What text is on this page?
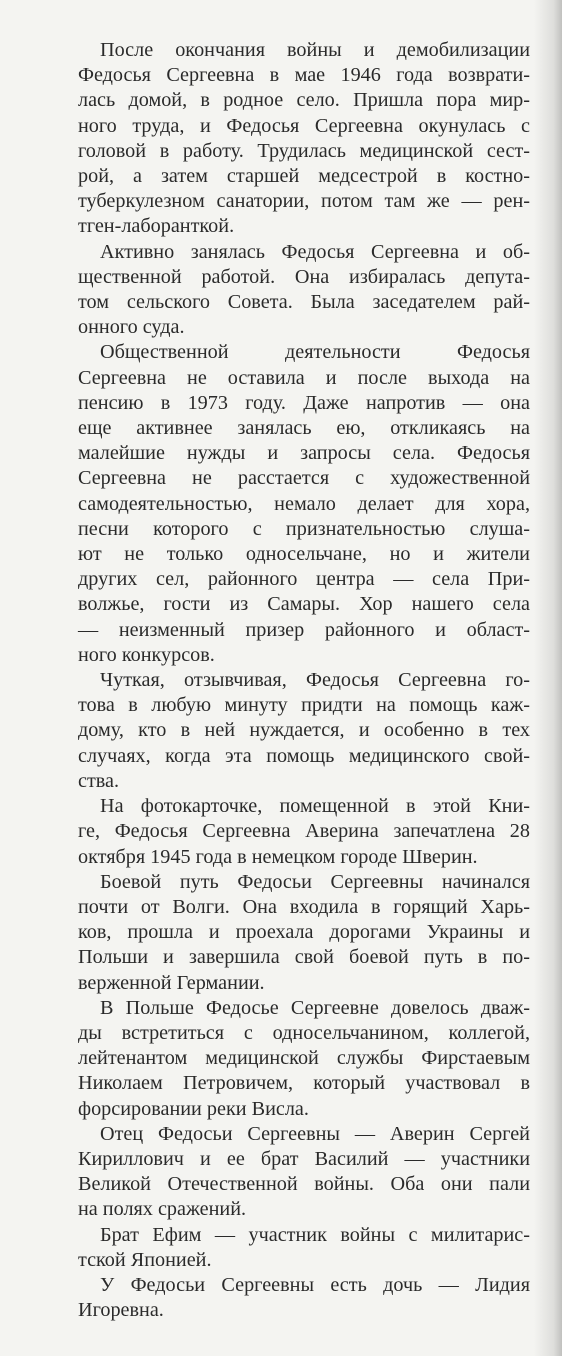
После окончания войны и демобилизации
Федосья Сергеевна в мае 1946 года возврати-
лась домой, в родное село. Пришла пора мир-
ного труда, и Федосья Сергеевна окунулась с
головой в работу. Трудилась медицинской сест-
рой, а затем старшей медсестрой в костно-
туберкулезном санатории, потом там же — рен-
тген-лаборанткой.
Активно занялась Федосья Сергеевна и об-
щественной работой. Она избиралась депута-
том сельского Совета. Была заседателем рай-
онного суда.
Общественной деятельности Федосья
Сергеевна не оставила и после выхода на
пенсию в 1973 году. Даже напротив — она
еще активнее занялась ею, откликаясь на
малейшие нужды и запросы села. Федосья
Сергеевна не расстается с художественной
самодеятельностью, немало делает для хора,
песни которого с признательностью слуша-
ют не только односельчане, но и жители
других сел, районного центра — села При-
волжье, гости из Самары. Хор нашего села
— неизменный призер районного и област-
ного конкурсов.
Чуткая, отзывчивая, Федосья Сергеевна го-
това в любую минуту придти на помощь каж-
дому, кто в ней нуждается, и особенно в тех
случаях, когда эта помощь медицинского свой-
ства.
На фотокарточке, помещенной в этой Кни-
ге, Федосья Сергеевна Аверина запечатлена 28
октября 1945 года в немецком городе Шверин.
Боевой путь Федосьи Сергеевны начинался
почти от Волги. Она входила в горящий Харь-
ков, прошла и проехала дорогами Украины и
Польши и завершила свой боевой путь в по-
верженной Германии.
В Польше Федосье Сергеевне довелось дваж-
ды встретиться с односельчанином, коллегой,
лейтенантом медицинской службы Фирстаевым
Николаем Петровичем, который участвовал в
форсировании реки Висла.
Отец Федосьи Сергеевны — Аверин Сергей
Кириллович и ее брат Василий — участники
Великой Отечественной войны. Оба они пали
на полях сражений.
Брат Ефим — участник войны с милитарис-
тской Японией.
У Федосьи Сергеевны есть дочь — Лидия
Игоревна.
